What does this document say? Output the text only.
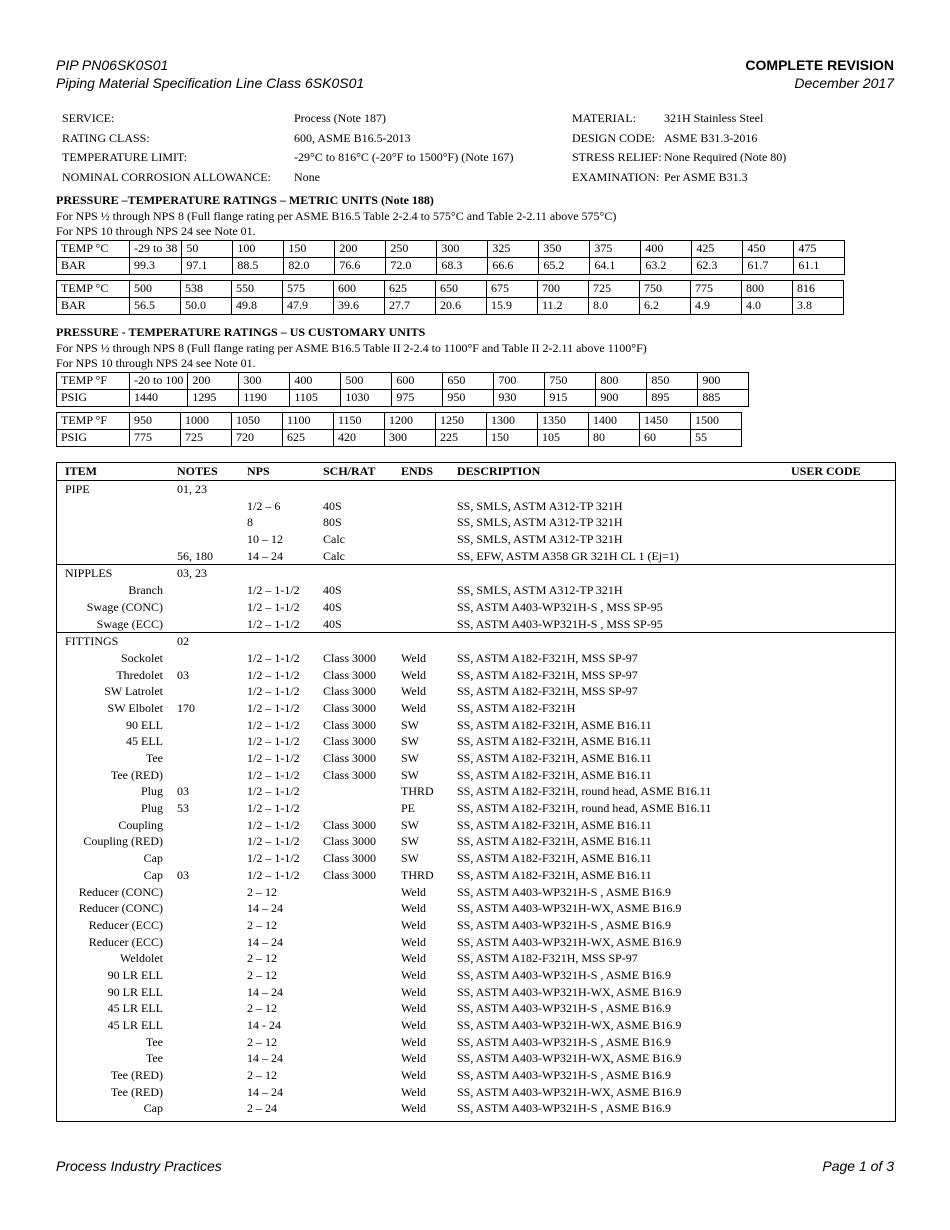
PIP PN06SK0S01
Piping Material Specification Line Class 6SK0S01
COMPLETE REVISION
December 2017
SERVICE:	Process (Note 187)
RATING CLASS:	600, ASME B16.5-2013
TEMPERATURE LIMIT:	-29°C to 816°C (-20°F to 1500°F) (Note 167)
NOMINAL CORROSION ALLOWANCE:	None
MATERIAL:	321H Stainless Steel
DESIGN CODE:	ASME B31.3-2016
STRESS RELIEF:	None Required (Note 80)
EXAMINATION:	Per ASME B31.3
PRESSURE –TEMPERATURE RATINGS – METRIC UNITS (Note 188)
For NPS ½ through NPS 8 (Full flange rating per ASME B16.5 Table 2-2.4 to 575°C and Table 2-2.11 above 575°C)
For NPS 10 through NPS 24 see Note 01.
TEMP °C	-29 to 38	50	100	150	200	250	300	325	350	375	400	425	450	475
BAR	99.3	97.1	88.5	82.0	76.6	72.0	68.3	66.6	65.2	64.1	63.2	62.3	61.7	61.1
TEMP °C	500	538	550	575	600	625	650	675	700	725	750	775	800	816
BAR	56.5	50.0	49.8	47.9	39.6	27.7	20.6	15.9	11.2	8.0	6.2	4.9	4.0	3.8
PRESSURE - TEMPERATURE RATINGS – US CUSTOMARY UNITS
For NPS ½ through NPS 8 (Full flange rating per ASME B16.5 Table II 2-2.4 to 1100°F and Table II 2-2.11 above 1100°F)
For NPS 10 through NPS 24 see Note 01.
TEMP °F	-20 to 100	200	300	400	500	600	650	700	750	800	850	900
PSIG	1440	1295	1190	1105	1030	975	950	930	915	900	895	885
TEMP °F	950	1000	1050	1100	1150	1200	1250	1300	1350	1400	1450	1500
PSIG	775	725	720	625	420	300	225	150	105	80	60	55
ITEM	NOTES	NPS	SCH/RAT	ENDS	DESCRIPTION	USER CODE
PIPE	01, 23					
		1/2 – 6	40S		SS, SMLS, ASTM A312-TP 321H	
		8	80S		SS, SMLS, ASTM A312-TP 321H	
		10 – 12	Calc		SS, SMLS, ASTM A312-TP 321H	
	56, 180	14 – 24	Calc		SS, EFW, ASTM A358 GR 321H CL 1 (Ej=1)	
NIPPLES	03, 23					
Branch		1/2 – 1-1/2	40S		SS, SMLS, ASTM A312-TP 321H	
Swage (CONC)		1/2 – 1-1/2	40S		SS, ASTM A403-WP321H-S , MSS SP-95	
Swage (ECC)		1/2 – 1-1/2	40S		SS, ASTM A403-WP321H-S , MSS SP-95	
FITTINGS	02					
Sockolet		1/2 – 1-1/2	Class 3000	Weld	SS, ASTM A182-F321H, MSS SP-97	
Thredolet	03	1/2 – 1-1/2	Class 3000	Weld	SS, ASTM A182-F321H, MSS SP-97	
SW Latrolet		1/2 – 1-1/2	Class 3000	Weld	SS, ASTM A182-F321H, MSS SP-97	
SW Elbolet	170	1/2 – 1-1/2	Class 3000	Weld	SS, ASTM A182-F321H	
90 ELL		1/2 – 1-1/2	Class 3000	SW	SS, ASTM A182-F321H, ASME B16.11	
45 ELL		1/2 – 1-1/2	Class 3000	SW	SS, ASTM A182-F321H, ASME B16.11	
Tee		1/2 – 1-1/2	Class 3000	SW	SS, ASTM A182-F321H, ASME B16.11	
Tee (RED)		1/2 – 1-1/2	Class 3000	SW	SS, ASTM A182-F321H, ASME B16.11	
Plug	03	1/2 – 1-1/2		THRD	SS, ASTM A182-F321H, round head, ASME B16.11	
Plug	53	1/2 – 1-1/2		PE	SS, ASTM A182-F321H, round head, ASME B16.11	
Coupling		1/2 – 1-1/2	Class 3000	SW	SS, ASTM A182-F321H, ASME B16.11	
Coupling (RED)		1/2 – 1-1/2	Class 3000	SW	SS, ASTM A182-F321H, ASME B16.11	
Cap		1/2 – 1-1/2	Class 3000	SW	SS, ASTM A182-F321H, ASME B16.11	
Cap	03	1/2 – 1-1/2	Class 3000	THRD	SS, ASTM A182-F321H, ASME B16.11	
Reducer (CONC)		2 – 12		Weld	SS, ASTM A403-WP321H-S , ASME B16.9	
Reducer (CONC)		14 – 24		Weld	SS, ASTM A403-WP321H-WX, ASME B16.9	
Reducer (ECC)		2 – 12		Weld	SS, ASTM A403-WP321H-S , ASME B16.9	
Reducer (ECC)		14 – 24		Weld	SS, ASTM A403-WP321H-WX, ASME B16.9	
Weldolet		2 – 12		Weld	SS, ASTM A182-F321H, MSS SP-97	
90 LR ELL		2 – 12		Weld	SS, ASTM A403-WP321H-S , ASME B16.9	
90 LR ELL		14 – 24		Weld	SS, ASTM A403-WP321H-WX, ASME B16.9	
45 LR ELL		2 – 12		Weld	SS, ASTM A403-WP321H-S , ASME B16.9	
45 LR ELL		14 - 24		Weld	SS, ASTM A403-WP321H-WX, ASME B16.9	
Tee		2 – 12		Weld	SS, ASTM A403-WP321H-S , ASME B16.9	
Tee		14 – 24		Weld	SS, ASTM A403-WP321H-WX, ASME B16.9	
Tee (RED)		2 – 12		Weld	SS, ASTM A403-WP321H-S , ASME B16.9	
Tee (RED)		14 – 24		Weld	SS, ASTM A403-WP321H-WX, ASME B16.9	
Cap		2 – 24		Weld	SS, ASTM A403-WP321H-S , ASME B16.9	
Process Industry Practices	Page 1 of 3
